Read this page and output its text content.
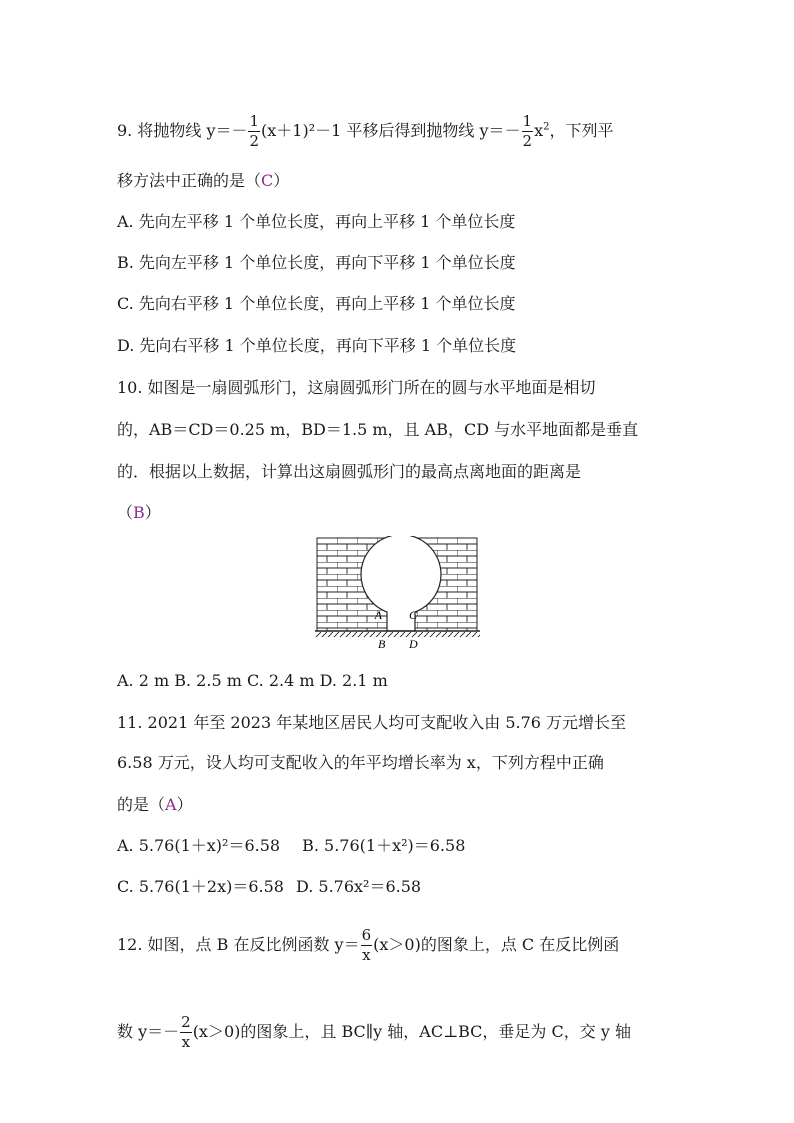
9. 将抛物线 $y=- \frac{1}{2} (x+1)^2-1$ 平移后得到抛物线 $y=- \frac{1}{2} x^2$，下列平
移方法中正确的是（C）
A. 先向左平移 1 个单位长度，再向上平移 1 个单位长度
B. 先向左平移 1 个单位长度，再向下平移 1 个单位长度
C. 先向右平移 1 个单位长度，再向上平移 1 个单位长度
D. 先向右平移 1 个单位长度，再向下平移 1 个单位长度
10. 如图是一扇圆弧形门，这扇圆弧形门所在的圆与水平地面是相切
的，AB＝CD＝0.25 m，BD＝1.5 m，且 AB，CD 与水平地面都是垂直
的．根据以上数据，计算出这扇圆弧形门的最高点离地面的距离是
（B）
A C
B D
A. 2 m B. 2.5 m C. 2.4 m D. 2.1 m
11. 2021 年至 2023 年某地区居民人均可支配收入由 5.76 万元增长至
6.58 万元，设人均可支配收入的年平均增长率为 x，下列方程中正确
的是（A）
A. 5.76(1＋x)²＝6.58 B. 5.76(1＋x²)＝6.58
C. 5.76(1＋2x)＝6.58 D. 5.76x²＝6.58
12. 如图，点 B 在反比例函数 $y= \frac{6}{x} (x>0)$的图象上，点 C 在反比例函
数 $y=- \frac{2}{x} (x>0)$的图象上，且 BC∥y 轴，AC⊥BC，垂足为 C，交 y 轴
